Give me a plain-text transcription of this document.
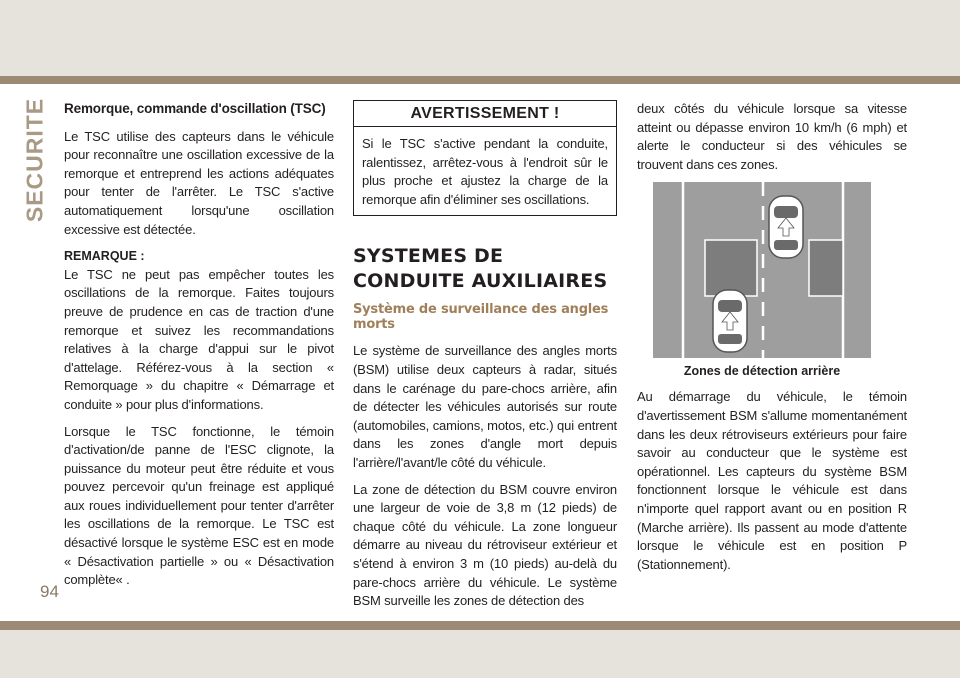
SECURITE Remorque, commande d'oscillation (TSC)

Le TSC utilise des capteurs dans le véhicule pour reconnaître une oscillation excessive de la remorque et entreprend les actions adéquates pour tenter de l'arrêter. Le TSC s'active automatiquement lorsqu'une oscillation excessive est détectée.

REMARQUE :

Le TSC ne peut pas empêcher toutes les oscillations de la remorque. Faites toujours preuve de prudence en cas de traction d'une remorque et suivez les recommandations relatives à la charge d'appui sur le pivot d'attelage. Référez-vous à la section « Remorquage » du chapitre « Démarrage et conduite » pour plus d'informations.

Lorsque le TSC fonctionne, le témoin d'activation/de panne de l'ESC clignote, la puissance du moteur peut être réduite et vous pouvez percevoir qu'un freinage est appliqué aux roues individuellement pour tenter d'arrêter les oscillations de la remorque. Le TSC est désactivé lorsque le système ESC est en mode « Désactivation partielle » ou « Désactivation complète« .

AVERTISSEMENT !

Si le TSC s'active pendant la conduite, ralentissez, arrêtez-vous à l'endroit sûr le plus proche et ajustez la charge de la remorque afin d'éliminer ses oscillations.

SYSTEMES DE CONDUITE AUXILIAIRES
Système de surveillance des angles morts

Le système de surveillance des angles morts (BSM) utilise deux capteurs à radar, situés dans le carénage du pare-chocs arrière, afin de détecter les véhicules autorisés sur route (automobiles, camions, motos, etc.) qui entrent dans les zones d'angle mort depuis l'arrière/l'avant/le côté du véhicule.

La zone de détection du BSM couvre environ une largeur de voie de 3,8 m (12 pieds) de chaque côté du véhicule. La zone longueur démarre au niveau du rétroviseur extérieur et s'étend à environ 3 m (10 pieds) au-delà du pare-chocs arrière du véhicule. Le système BSM surveille les zones de détection des

deux côtés du véhicule lorsque sa vitesse atteint ou dépasse environ 10 km/h (6 mph) et alerte le conducteur si des véhicules se trouvent dans ces zones.

Zones de détection arrière

Au démarrage du véhicule, le témoin d'avertissement BSM s'allume momentanément dans les deux rétroviseurs extérieurs pour faire savoir au conducteur que le système est opérationnel. Les capteurs du système BSM fonctionnent lorsque le véhicule est dans n'importe quel rapport avant ou en position R (Marche arrière). Ils passent au mode d'attente lorsque le véhicule est en position P (Stationnement).

94
